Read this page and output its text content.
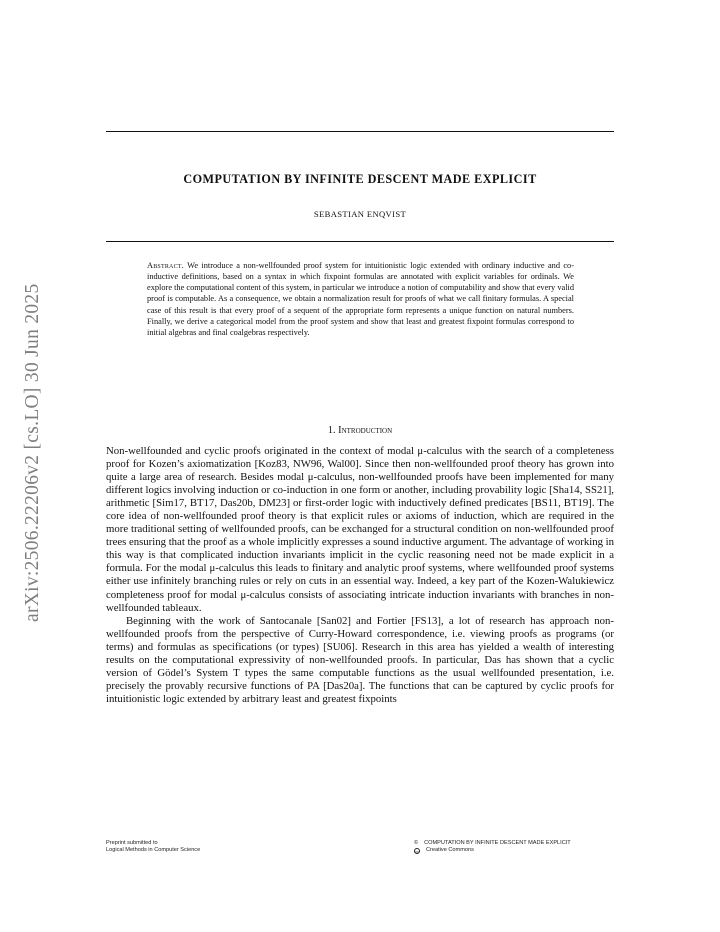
arXiv:2506.22206v2 [cs.LO] 30 Jun 2025
COMPUTATION BY INFINITE DESCENT MADE EXPLICIT
SEBASTIAN ENQVIST
Abstract. We introduce a non-wellfounded proof system for intuitionistic logic extended with ordinary inductive and co-inductive definitions, based on a syntax in which fixpoint formulas are annotated with explicit variables for ordinals. We explore the computational content of this system, in particular we introduce a notion of computability and show that every valid proof is computable. As a consequence, we obtain a normalization result for proofs of what we call finitary formulas. A special case of this result is that every proof of a sequent of the appropriate form represents a unique function on natural numbers. Finally, we derive a categorical model from the proof system and show that least and greatest fixpoint formulas correspond to initial algebras and final coalgebras respectively.
1. Introduction

Non-wellfounded and cyclic proofs originated in the context of modal μ-calculus with the search of a completeness proof for Kozen’s axiomatization [Koz83, NW96, Wal00]. Since then non-wellfounded proof theory has grown into quite a large area of research. Besides modal μ-calculus, non-wellfounded proofs have been implemented for many different logics involving induction or co-induction in one form or another, including provability logic [Sha14, SS21], arithmetic [Sim17, BT17, Das20b, DM23] or first-order logic with inductively defined predicates [BS11, BT19]. The core idea of non-wellfounded proof theory is that explicit rules or axioms of induction, which are required in the more traditional setting of wellfounded proofs, can be exchanged for a structural condition on non-wellfounded proof trees ensuring that the proof as a whole implicitly expresses a sound inductive argument. The advantage of working in this way is that complicated induction invariants implicit in the cyclic reasoning need not be made explicit in a formula. For the modal μ-calculus this leads to finitary and analytic proof systems, where wellfounded proof systems either use infinitely branching rules or rely on cuts in an essential way. Indeed, a key part of the Kozen-Walukiewicz completeness proof for modal μ-calculus consists of associating intricate induction invariants with branches in non-wellfounded tableaux.

Beginning with the work of Santocanale [San02] and Fortier [FS13], a lot of research has approach non-wellfounded proofs from the perspective of Curry-Howard correspondence, i.e. viewing proofs as programs (or terms) and formulas as specifications (or types) [SU06]. Research in this area has yielded a wealth of interesting results on the computational expressivity of non-wellfounded proofs. In particular, Das has shown that a cyclic version of Gödel’s System T types the same computable functions as the usual wellfounded presentation, i.e. precisely the provably recursive functions of PA [Das20a]. The functions that can be captured by cyclic proofs for intuitionistic logic extended by arbitrary least and greatest fixpoints

Preprint submitted to
Logical Methods in Computer Science
© COMPUTATION BY INFINITE DESCENT MADE EXPLICIT
cc Creative Commons
